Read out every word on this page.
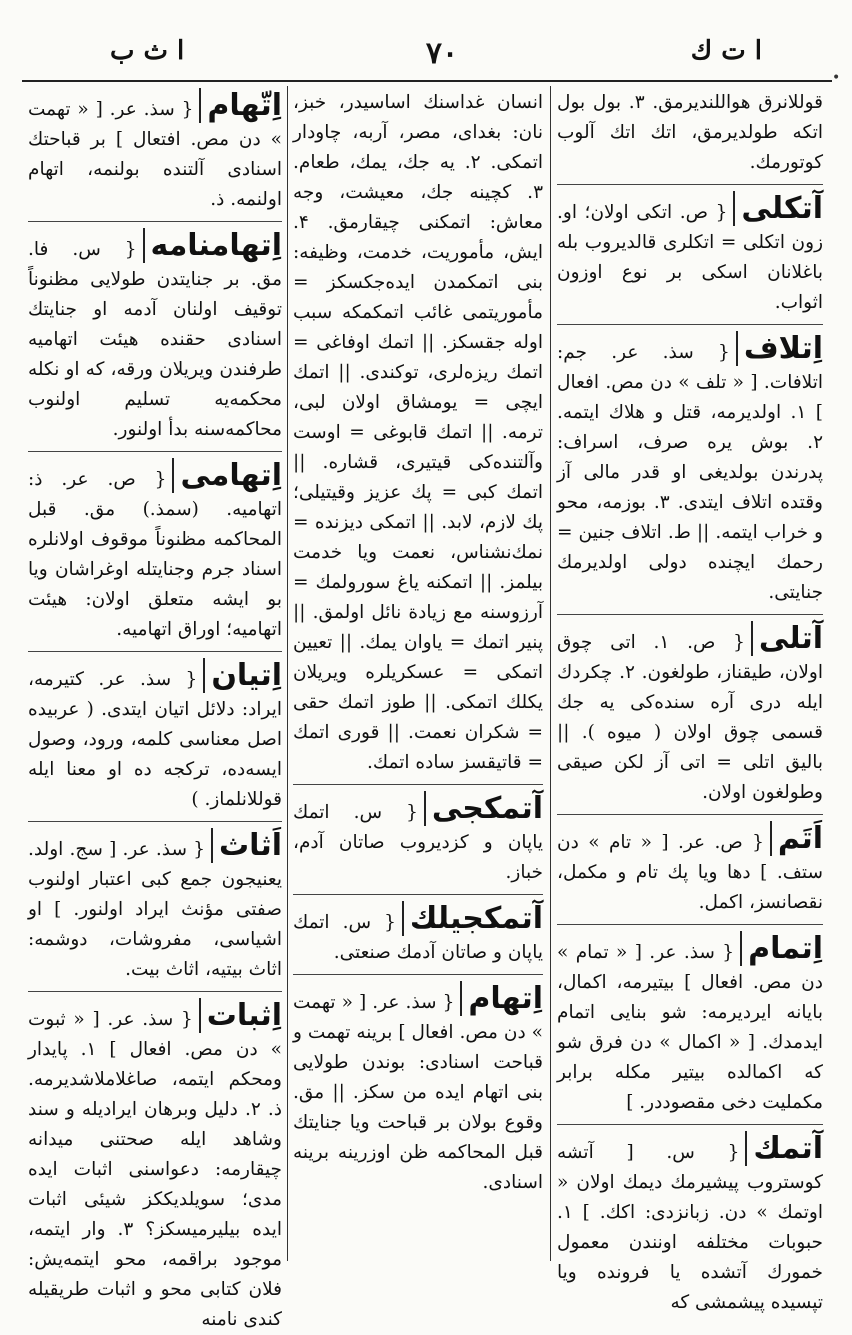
ا ث ب	۷۰	ا ت ك

قوللانرق هواللندیرمق. ۳. بول بول اتکه طولدیرمق، اتك اتك آلوب کوتورمك.

آتکلی{ ص. اتکی اولان؛ او. زون اتکلی = اتکلری قالدیروب بله باغلانان اسکی بر نوع اوزون اثواب.

اِتلاف{ سذ. عر. جم: اتلافات. [ « تلف » دن مص. افعال ] ۱. اولدیرمه، قتل و هلاك ایتمه. ۲. بوش یره صرف، اسراف: پدرندن بولدیغی او قدر مالی آز وقتده اتلاف ایتدی. ۳. بوزمه، محو و خراب ایتمه. || ط. اتلاف جنین = رحمك ایچنده دولی اولدیرمك جنایتی.

آتلی{ ص. ۱. اتی چوق اولان، طیقناز، طولغون. ۲. چکردك ایله دری آره سنده‌کی یه جك قسمی چوق اولان ( میوه ). || بالیق اتلی = اتی آز لکن صیقی وطولغون اولان.

اَتَم{ ص. عر. [ « تام » دن ستف. ] دها ویا پك تام و مکمل، نقصانسز، اکمل.

اِتمام{ سذ. عر. [ « تمام » دن مص. افعال ] بیتیرمه، اکمال، بایانه ایردیرمه: شو بنایی اتمام ایدمدك. [ « اکمال » دن فرق شو که اکمالده بیتیر مکله برابر مکملیت دخی مقصوددر. ]

آتمك{ س. [ آتشه کوستروب پیشیرمك دیمك اولان « اوتمك » دن. زبانزدی: اکك. ] ۱. حبوبات مختلفه اونندن معمول خمورك آتشده یا فرونده ویا تپسیده پیشمشی که

انسان غداسنك اساسیدر، خبز، نان: بغدای، مصر، آربه، چاودار اتمکی. ۲. یه جك، یمك، طعام. ۳. کچینه جك، معیشت، وجه معاش: اتمکنی چیقارمق. ۴. ایش، مأموریت، خدمت، وظیفه: بنی اتمکمدن ایده‌جکسکز = مأموریتمی غائب اتمکمکه سبب اوله جقسکز. || اتمك اوفاغی = اتمك ریزه‌لری، توکندی. || اتمك ایچی = یومشاق اولان لبی، ترمه. || اتمك قابوغی = اوست وآلتنده‌کی قیتیری، قشاره. || اتمك کبی = پك عزیز وقیتیلی؛ پك لازم، لابد. || اتمکی دیزنده = نمك‌نشناس، نعمت ویا خدمت بیلمز. || اتمکنه یاغ سورولمك = آرزوسنه مع زیادة نائل اولمق. || پنیر اتمك = یاوان یمك. || تعیین اتمکی = عسکریلره ویریلان یکلك اتمکی. || طوز اتمك حقی = شکران نعمت. || قوری اتمك = قاتیقسز ساده اتمك.

آتمکجی{ س. اتمك یاپان و کزدیروب صاتان آدم، خباز.

آتمکجیلك{ س. اتمك یاپان و صاتان آدمك صنعتی.

اِتهام{ سذ. عر. [ « تهمت » دن مص. افعال ] برینه تهمت و قباحت اسنادی: بوندن طولایی بنی اتهام ایده من سکز. || مق. وقوع بولان بر قباحت ویا جنایتك قبل المحاکمه ظن اوزرینه برینه اسنادی.

اِتّهام{ سذ. عر. [ « تهمت » دن مص. افتعال ] بر قباحتك اسنادی آلتنده بولنمه، اتهام اولنمه. ذ.

اِتهامنامه{ س. فا. مق. بر جنایتدن طولایی مظنوناً توقیف اولنان آدمه او جنایتك اسنادی حقنده هیئت اتهامیه طرفندن ویریلان ورقه، که او نکله محکمه‌یه تسلیم اولنوب محاکمه‌سنه بدأ اولنور.

اِتهامی{ ص. عر. ذ: اتهامیه. (سمذ.) مق. قبل المحاکمه مظنوناً موقوف اولانلره اسناد جرم وجنایتله اوغراشان ویا بو ایشه متعلق اولان: هیئت اتهامیه؛ اوراق اتهامیه.

اِتیان{ سذ. عر. کتیرمه، ایراد: دلائل اتیان ایتدی. ( عربیده اصل معناسی کلمه، ورود، وصول ایسه‌ده، ترکجه ده او معنا ایله قوللانلماز. )

اَثاث{ سذ. عر. [ سج. اولد. یعنیجون جمع کبی اعتبار اولنوب صفتی مؤنث ایراد اولنور. ] او اشیاسی، مفروشات، دوشمه: اثاث بیتیه، اثاث بیت.

اِثبات{ سذ. عر. [ « ثبوت » دن مص. افعال ] ۱. پایدار ومحکم ایتمه، صاغلاملاشدیرمه. ذ. ۲. دلیل وبرهان ایرادیله و سند وشاهد ایله صحتنی میدانه چیقارمه: دعواسنی اثبات ایده مدی؛ سویلدیککز شیئی اثبات ایده بیلیرمیسکز؟ ۳. وار ایتمه، موجود براقمه، محو ایتمه‌یش: فلان کتابی محو و اثبات طریقیله کندی نامنه

•
